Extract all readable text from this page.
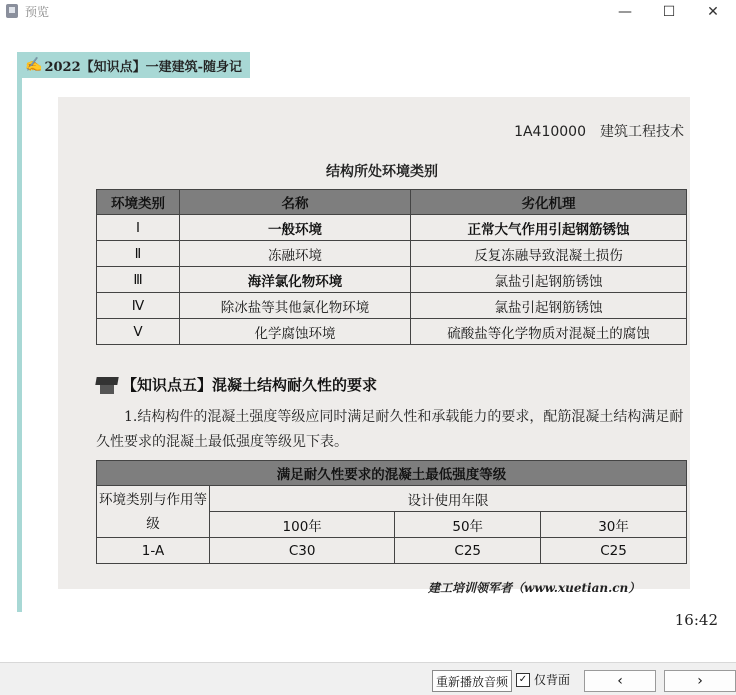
预览	—	☐	✕
✍ 2022【知识点】一建建筑-随身记
1A410000　建筑工程技术
结构所处环境类别
环境类别	名称	劣化机理
Ⅰ	一般环境	正常大气作用引起钢筋锈蚀
Ⅱ	冻融环境	反复冻融导致混凝土损伤
Ⅲ	海洋氯化物环境	氯盐引起钢筋锈蚀
Ⅳ	除冰盐等其他氯化物环境	氯盐引起钢筋锈蚀
Ⅴ	化学腐蚀环境	硫酸盐等化学物质对混凝土的腐蚀
【知识点五】混凝土结构耐久性的要求
1.结构构件的混凝土强度等级应同时满足耐久性和承载能力的要求，配筋混凝土结构满足耐久性要求的混凝土最低强度等级见下表。
满足耐久性要求的混凝土最低强度等级			
环境类别与作用等级	设计使用年限		
	100年	50年	30年
1-A	C30	C25	C25
建工培训领军者（www.xuetian.cn）
16:42
重新播放音频	✓ 仅背面	‹	›
